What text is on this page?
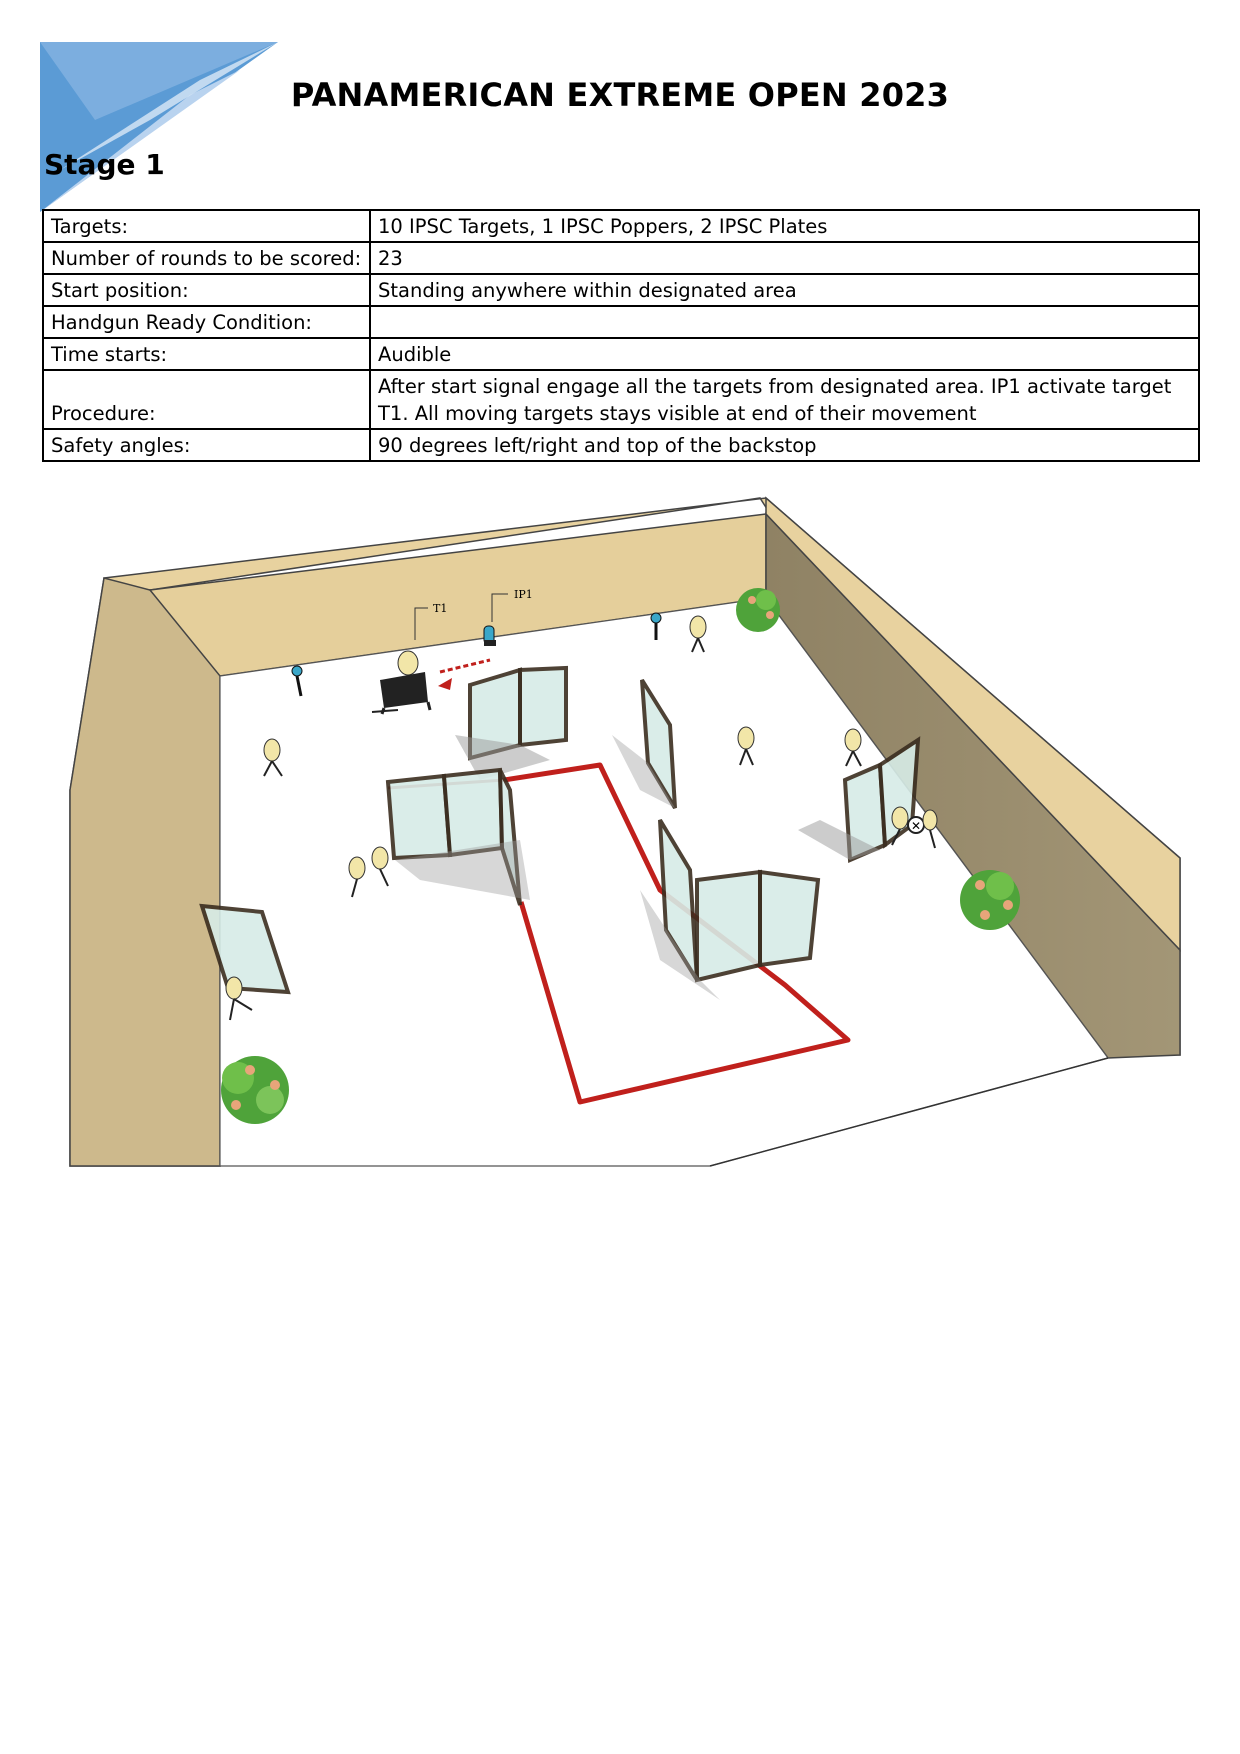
PANAMERICAN EXTREME OPEN 2023
Stage 1
Targets:	10 IPSC Targets, 1 IPSC Poppers, 2 IPSC Plates
Number of rounds to be scored:	23
Start position:	Standing anywhere within designated area
Handgun Ready Condition:	
Time starts:	Audible
Procedure:	After start signal engage all the targets from designated area. IP1 activate target T1. All moving targets stays visible at end of their movement
Safety angles:	90 degrees left/right and top of the backstop
✕
T1
IP1
